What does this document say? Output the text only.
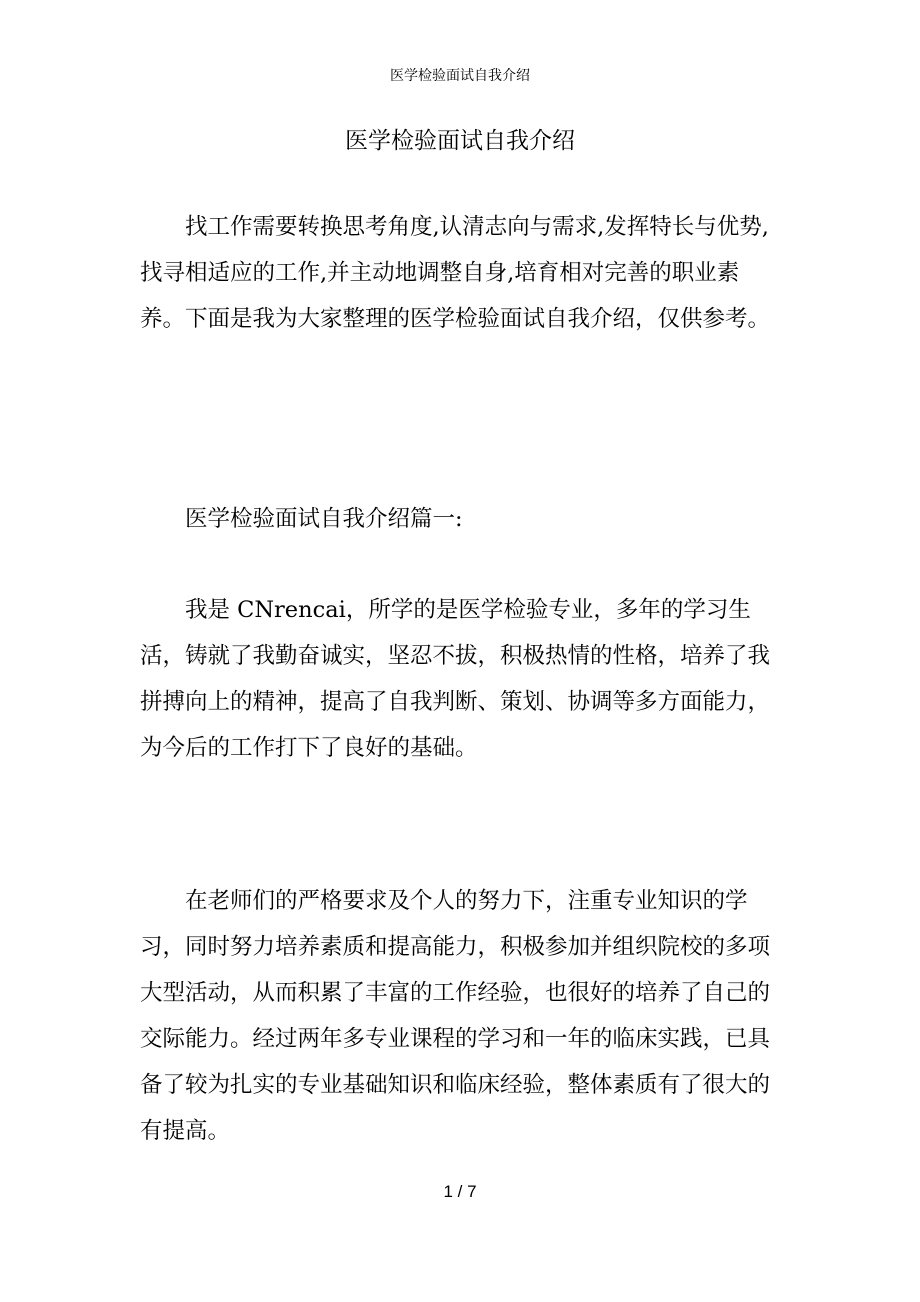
医学检验面试自我介绍
医学检验面试自我介绍

找工作需要转换思考角度,认清志向与需求,发挥特长与优势,找寻相适应的工作,并主动地调整自身,培育相对完善的职业素养。下面是我为大家整理的医学检验面试自我介绍，仅供参考。

医学检验面试自我介绍篇一:

我是 CNrencai，所学的是医学检验专业，多年的学习生活，铸就了我勤奋诚实，坚忍不拔，积极热情的性格，培养了我拼搏向上的精神，提高了自我判断、策划、协调等多方面能力，为今后的工作打下了良好的基础。

在老师们的严格要求及个人的努力下，注重专业知识的学习，同时努力培养素质和提高能力，积极参加并组织院校的多项大型活动，从而积累了丰富的工作经验，也很好的培养了自己的交际能力。经过两年多专业课程的学习和一年的临床实践，已具备了较为扎实的专业基础知识和临床经验，整体素质有了很大的有提高。

1 / 7
